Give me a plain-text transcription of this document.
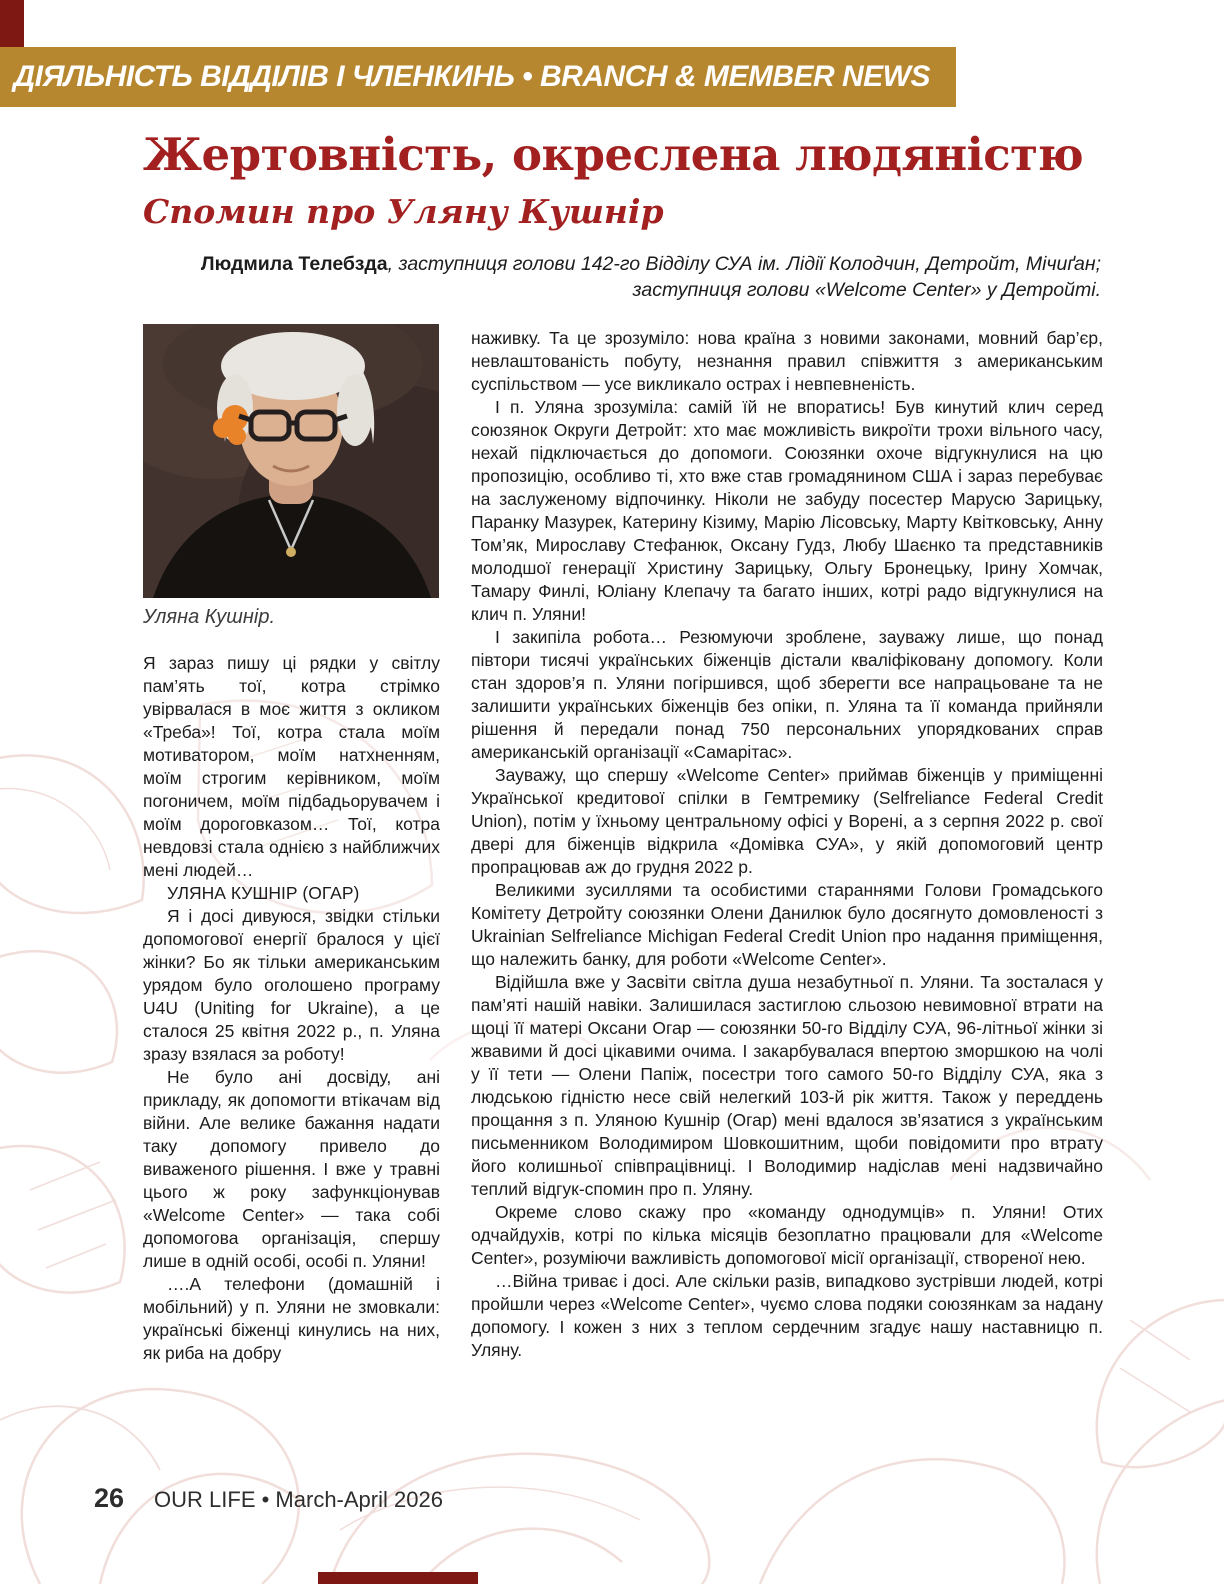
ДІЯЛЬНІСТЬ ВІДДІЛІВ І ЧЛЕНКИНЬ • BRANCH & MEMBER NEWS
Жертовність, окреслена людяністю
Спомин про Уляну Кушнір
Людмила Телебзда, заступниця голови 142-го Відділу СУА ім. Лідії Колодчин, Детройт, Мічиґан;
заступниця голови «Welcome Center» у Детройті.
Уляна Кушнір.

Я зараз пишу ці рядки у світлу пам’ять тої, котра стрімко увірвалася в моє життя з окликом «Треба»! Тої, котра стала моїм мотиватором, моїм натхненням, моїм строгим керівником, моїм погоничем, моїм підбадьорувачем і моїм дороговказом… Тої, котра невдовзі стала однією з найближчих мені людей…

УЛЯНА КУШНІР (ОГАР)

Я і досі дивуюся, звідки стільки допомогової енергії бралося у цієї жінки? Бо як тільки американським урядом було оголошено програму U4U (Uniting for Ukraine), а це сталося 25 квітня 2022 р., п. Уляна зразу взялася за роботу!

Не було ані досвіду, ані прикладу, як допомогти втікачам від війни. Але велике бажання надати таку допомогу привело до виваженого рішення. І вже у травні цього ж року зафункціонував «Welcome Center» — така собі допомогова організація, спершу лише в одній особі, особі п. Уляни!

….А телефони (домашній і мобільний) у п. Уляни не змовкали: українські біженці кинулись на них, як риба на добру

наживку. Та це зрозуміло: нова країна з новими законами, мовний бар’єр, невлаштованість побуту, незнання правил співжиття з американським суспільством — усе викликало острах і невпевненість.

І п. Уляна зрозуміла: самій їй не впоратись! Був кинутий клич серед союзянок Округи Детройт: хто має можливість викроїти трохи вільного часу, нехай підключається до допомоги. Союзянки охоче відгукнулися на цю пропозицію, особливо ті, хто вже став громадянином США і зараз перебуває на заслуженому відпочинку. Ніколи не забуду посестер Марусю Зарицьку, Паранку Мазурек, Катерину Кізиму, Марію Лісовську, Марту Квітковську, Анну Том’як, Мирославу Стефанюк, Оксану Гудз, Любу Шаєнко та представників молодшої генерації Христину Зарицьку, Ольгу Бронецьку, Ірину Хомчак, Тамару Финлі, Юліану Клепачу та багато інших, котрі радо відгукнулися на клич п. Уляни!

І закипіла робота… Резюмуючи зроблене, зауважу лише, що понад півтори тисячі українських біженців дістали кваліфіковану допомогу. Коли стан здоров’я п. Уляни погіршився, щоб зберегти все напрацьоване та не залишити українських біженців без опіки, п. Уляна та її команда прийняли рішення й передали понад 750 персональних упорядкованих справ американській організації «Самарітас».

Зауважу, що спершу «Welcome Center» приймав біженців у приміщенні Української кредитової спілки в Гемтремику (Selfreliance Federal Credit Union), потім у їхньому центральному офісі у Ворені, а з серпня 2022 р. свої двері для біженців відкрила «Домівка СУА», у якій допомоговий центр пропрацював аж до грудня 2022 р.

Великими зусиллями та особистими стараннями Голови Громадського Комітету Детройту союзянки Олени Данилюк було досягнуто домовленості з Ukrainian Selfreliance Michigan Federal Credit Union про надання приміщення, що належить банку, для роботи «Welcome Center».

Відійшла вже у Засвіти світла душа незабутньої п. Уляни. Та зосталася у пам’яті нашій навіки. Залишилася застиглою сльозою невимовної втрати на щоці її матері Оксани Огар — союзянки 50-го Відділу СУА, 96-літньої жінки зі жвавими й досі цікавими очима. І закарбувалася впертою зморшкою на чолі у її тети — Олени Папіж, посестри того самого 50-го Відділу СУА, яка з людською гідністю несе свій нелегкий 103-й рік життя. Також у переддень прощання з п. Уляною Кушнір (Огар) мені вдалося зв’язатися з українським письменником Володимиром Шовкошитним, щоби повідомити про втрату його колишньої співпрацівниці. І Володимир надіслав мені надзвичайно теплий відгук-спомин про п. Уляну.

Окреме слово скажу про «команду однодумців» п. Уляни! Отих одчайдухів, котрі по кілька місяців безоплатно працювали для «Welcome Center», розуміючи важливість допомогової місії організації, створеної нею.

…Війна триває і досі. Але скільки разів, випадково зустрівши людей, котрі пройшли через «Welcome Center», чуємо слова подяки союзянкам за надану допомогу. І кожен з них з теплом сердечним згадує нашу наставницю п. Уляну.

26 OUR LIFE • March-April 2026
